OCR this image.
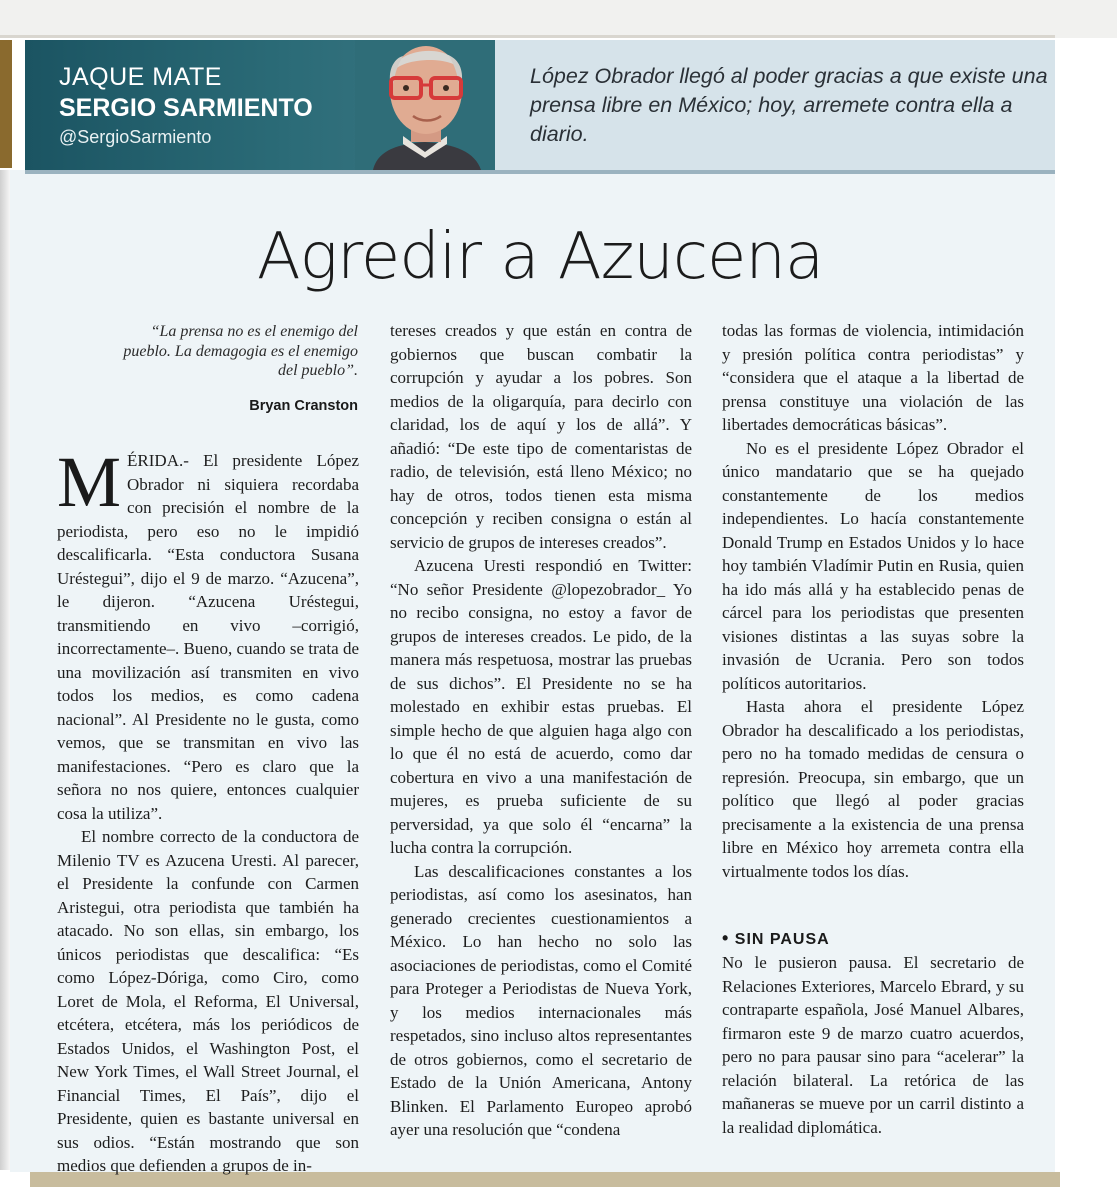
JAQUE MATE
SERGIO SARMIENTO
@SergioSarmiento
López Obrador llegó al poder gracias a que existe una prensa libre en México; hoy, arremete contra ella a diario.
Agredir a Azucena
“La prensa no es el enemigo del pueblo. La demagogia es el enemigo del pueblo”.
Bryan Cranston

MÉRIDA.- El presidente López Obrador ni siquiera recordaba con precisión el nombre de la periodista, pero eso no le impidió descalificarla. “Esta conductora Susana Uréstegui”, dijo el 9 de marzo. “Azucena”, le dijeron. “Azucena Uréstegui, transmitiendo en vivo –corrigió, incorrectamente–. Bueno, cuando se trata de una movilización así transmiten en vivo todos los medios, es como cadena nacional”. Al Presidente no le gusta, como vemos, que se transmitan en vivo las manifestaciones. “Pero es claro que la señora no nos quiere, entonces cualquier cosa la utiliza”.

El nombre correcto de la conductora de Milenio TV es Azucena Uresti. Al parecer, el Presidente la confunde con Carmen Aristegui, otra periodista que también ha atacado. No son ellas, sin embargo, los únicos periodistas que descalifica: “Es como López-Dóriga, como Ciro, como Loret de Mola, el Reforma, El Universal, etcétera, etcétera, más los periódicos de Estados Unidos, el Washington Post, el New York Times, el Wall Street Journal, el Financial Times, El País”, dijo el Presidente, quien es bastante universal en sus odios. “Están mostrando que son medios que defienden a grupos de in-

tereses creados y que están en contra de gobiernos que buscan combatir la corrupción y ayudar a los pobres. Son medios de la oligarquía, para decirlo con claridad, los de aquí y los de allá”. Y añadió: “De este tipo de comentaristas de radio, de televisión, está lleno México; no hay de otros, todos tienen esta misma concepción y reciben consigna o están al servicio de grupos de intereses creados”.

Azucena Uresti respondió en Twitter: “No señor Presidente @lopezobrador_ Yo no recibo consigna, no estoy a favor de grupos de intereses creados. Le pido, de la manera más respetuosa, mostrar las pruebas de sus dichos”. El Presidente no se ha molestado en exhibir estas pruebas. El simple hecho de que alguien haga algo con lo que él no está de acuerdo, como dar cobertura en vivo a una manifestación de mujeres, es prueba suficiente de su perversidad, ya que solo él “encarna” la lucha contra la corrupción.

Las descalificaciones constantes a los periodistas, así como los asesinatos, han generado crecientes cuestionamientos a México. Lo han hecho no solo las asociaciones de periodistas, como el Comité para Proteger a Periodistas de Nueva York, y los medios internacionales más respetados, sino incluso altos representantes de otros gobiernos, como el secretario de Estado de la Unión Americana, Antony Blinken. El Parlamento Europeo aprobó ayer una resolución que “condena

todas las formas de violencia, intimidación y presión política contra periodistas” y “considera que el ataque a la libertad de prensa constituye una violación de las libertades democráticas básicas”.

No es el presidente López Obrador el único mandatario que se ha quejado constantemente de los medios independientes. Lo hacía constantemente Donald Trump en Estados Unidos y lo hace hoy también Vladímir Putin en Rusia, quien ha ido más allá y ha establecido penas de cárcel para los periodistas que presenten visiones distintas a las suyas sobre la invasión de Ucrania. Pero son todos políticos autoritarios.

Hasta ahora el presidente López Obrador ha descalificado a los periodistas, pero no ha tomado medidas de censura o represión. Preocupa, sin embargo, que un político que llegó al poder gracias precisamente a la existencia de una prensa libre en México hoy arremeta contra ella virtualmente todos los días.

• SIN PAUSA

No le pusieron pausa. El secretario de Relaciones Exteriores, Marcelo Ebrard, y su contraparte española, José Manuel Albares, firmaron este 9 de marzo cuatro acuerdos, pero no para pausar sino para “acelerar” la relación bilateral. La retórica de las mañaneras se mueve por un carril distinto a la realidad diplomática.
